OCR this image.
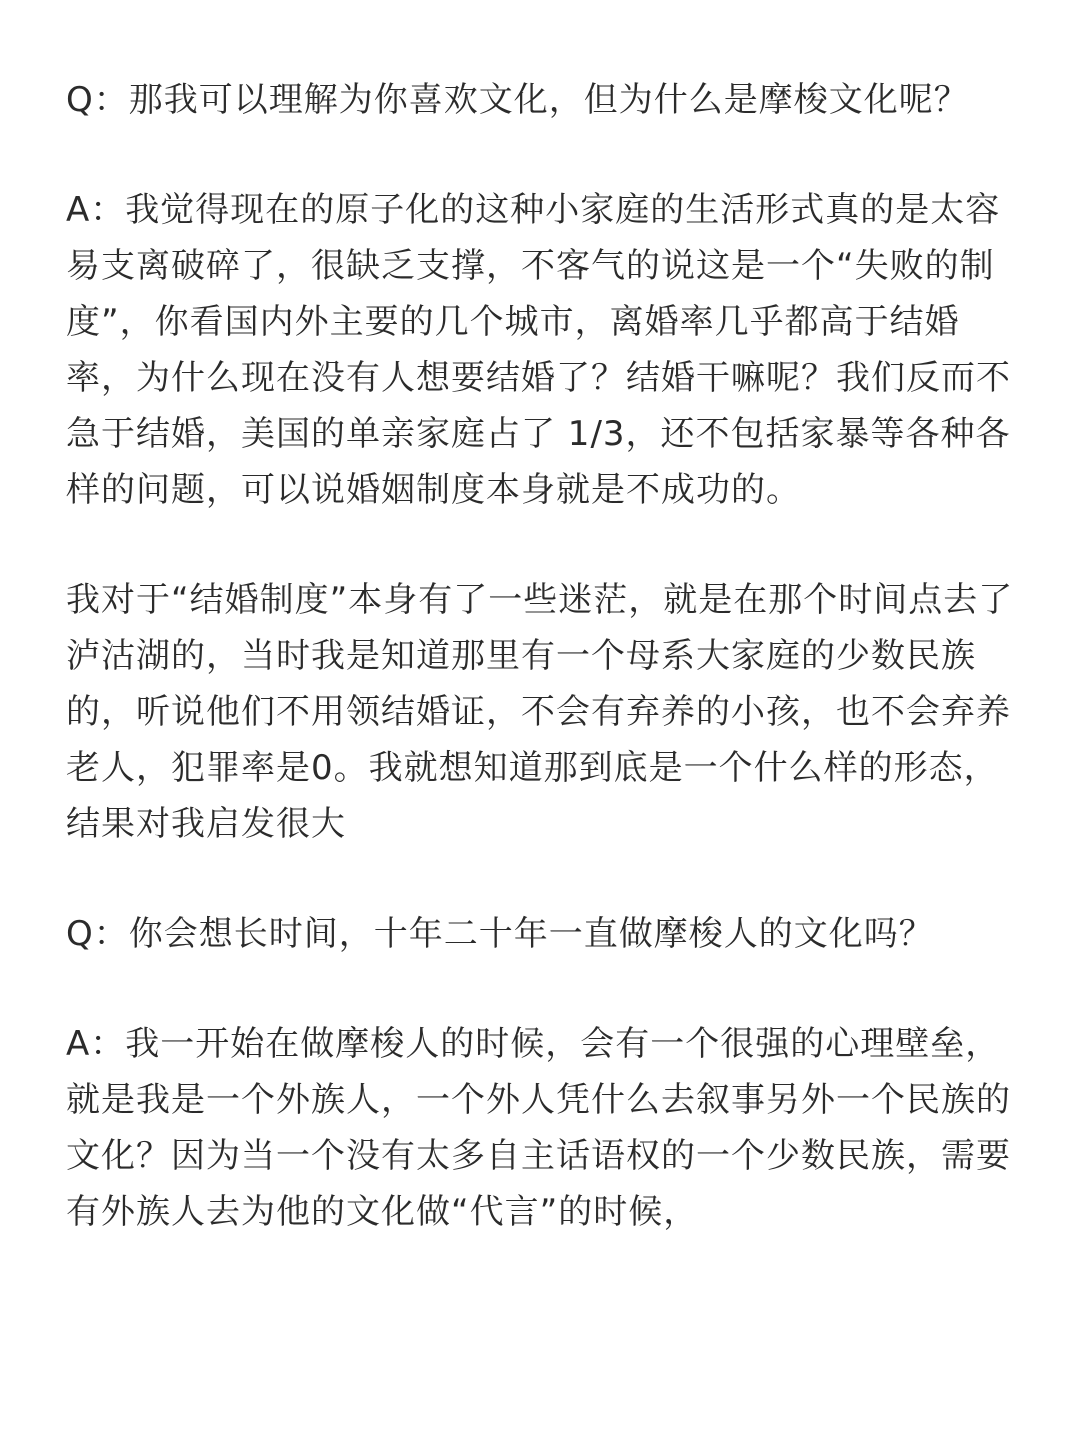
Q：那我可以理解为你喜欢文化，但为什么是摩梭文化呢？

A：我觉得现在的原子化的这种小家庭的生活形式真的是太容易支离破碎了，很缺乏支撑，不客气的说这是一个“失败的制度”，你看国内外主要的几个城市，离婚率几乎都高于结婚率，为什么现在没有人想要结婚了？结婚干嘛呢？我们反而不急于结婚，美国的单亲家庭占了 1/3，还不包括家暴等各种各样的问题，可以说婚姻制度本身就是不成功的。

我对于“结婚制度”本身有了一些迷茫，就是在那个时间点去了泸沽湖的，当时我是知道那里有一个母系大家庭的少数民族的，听说他们不用领结婚证，不会有弃养的小孩，也不会弃养老人，犯罪率是0。我就想知道那到底是一个什么样的形态，结果对我启发很大

Q：你会想长时间，十年二十年一直做摩梭人的文化吗？

A：我一开始在做摩梭人的时候，会有一个很强的心理壁垒，就是我是一个外族人，一个外人凭什么去叙事另外一个民族的文化？因为当一个没有太多自主话语权的一个少数民族，需要有外族人去为他的文化做“代言”的时候，
